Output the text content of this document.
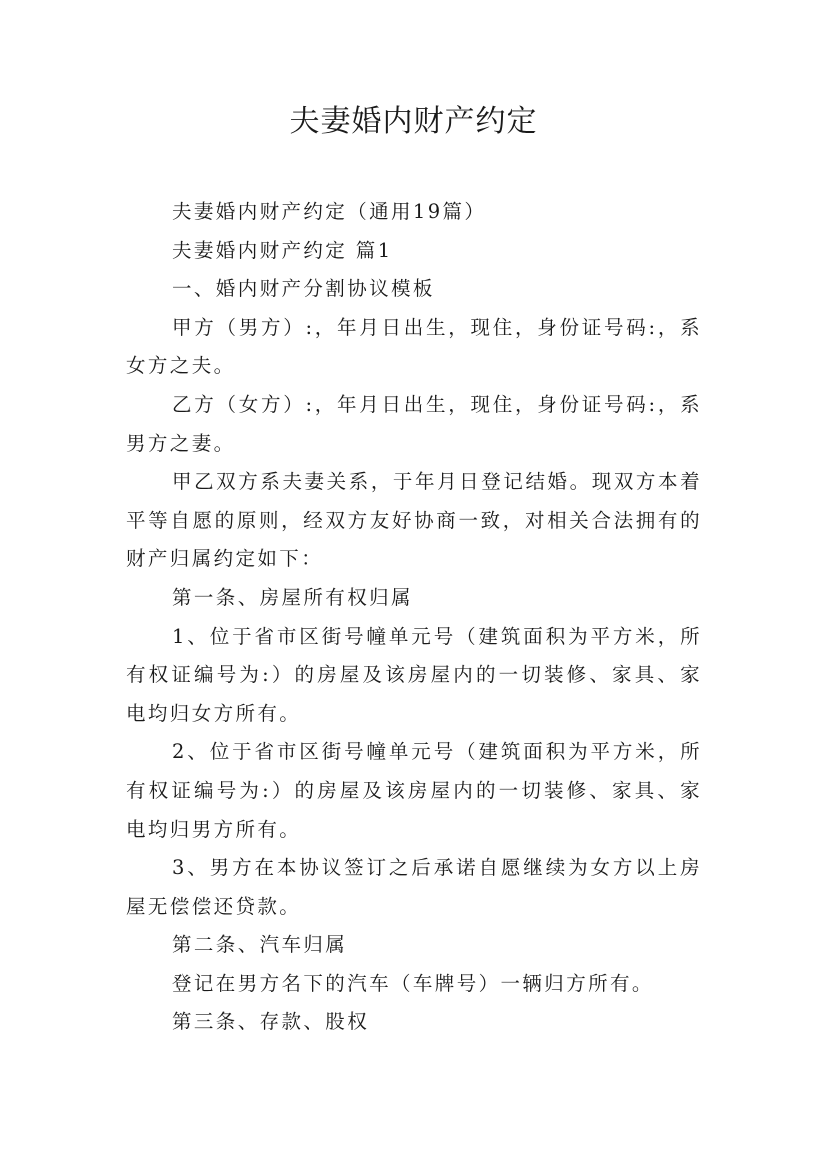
夫妻婚内财产约定

夫妻婚内财产约定（通用19篇）

夫妻婚内财产约定 篇1

一、婚内财产分割协议模板

甲方（男方）:，年月日出生，现住，身份证号码:，系女方之夫。

乙方（女方）:，年月日出生，现住，身份证号码:，系男方之妻。

甲乙双方系夫妻关系，于年月日登记结婚。现双方本着平等自愿的原则，经双方友好协商一致，对相关合法拥有的财产归属约定如下：

第一条、房屋所有权归属

1、位于省市区街号幢单元号（建筑面积为平方米，所有权证编号为:）的房屋及该房屋内的一切装修、家具、家电均归女方所有。

2、位于省市区街号幢单元号（建筑面积为平方米，所有权证编号为:）的房屋及该房屋内的一切装修、家具、家电均归男方所有。

3、男方在本协议签订之后承诺自愿继续为女方以上房屋无偿偿还贷款。

第二条、汽车归属

登记在男方名下的汽车（车牌号）一辆归方所有。

第三条、存款、股权
